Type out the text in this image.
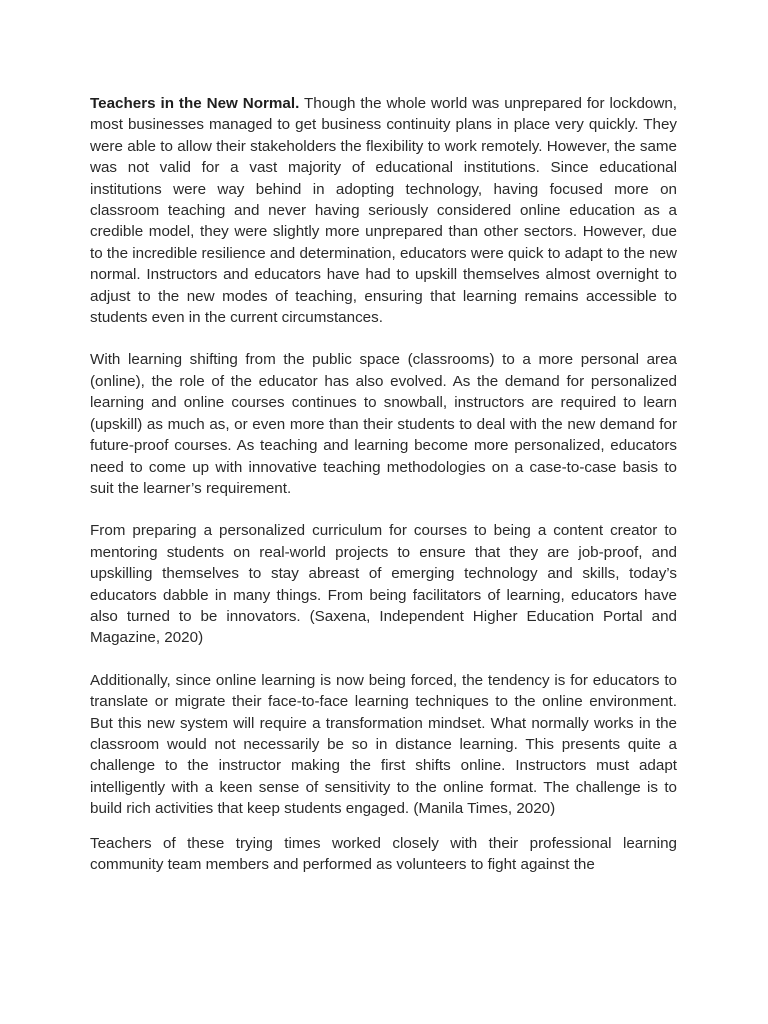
Teachers in the New Normal. Though the whole world was unprepared for lockdown, most businesses managed to get business continuity plans in place very quickly. They were able to allow their stakeholders the flexibility to work remotely. However, the same was not valid for a vast majority of educational institutions. Since educational institutions were way behind in adopting technology, having focused more on classroom teaching and never having seriously considered online education as a credible model, they were slightly more unprepared than other sectors. However, due to the incredible resilience and determination, educators were quick to adapt to the new normal. Instructors and educators have had to upskill themselves almost overnight to adjust to the new modes of teaching, ensuring that learning remains accessible to students even in the current circumstances.

With learning shifting from the public space (classrooms) to a more personal area (online), the role of the educator has also evolved. As the demand for personalized learning and online courses continues to snowball, instructors are required to learn (upskill) as much as, or even more than their students to deal with the new demand for future-proof courses. As teaching and learning become more personalized, educators need to come up with innovative teaching methodologies on a case-to-case basis to suit the learner’s requirement.

From preparing a personalized curriculum for courses to being a content creator to mentoring students on real-world projects to ensure that they are job-proof, and upskilling themselves to stay abreast of emerging technology and skills, today’s educators dabble in many things. From being facilitators of learning, educators have also turned to be innovators. (Saxena, Independent Higher Education Portal and Magazine, 2020)

Additionally, since online learning is now being forced, the tendency is for educators to translate or migrate their face-to-face learning techniques to the online environment. But this new system will require a transformation mindset. What normally works in the classroom would not necessarily be so in distance learning. This presents quite a challenge to the instructor making the first shifts online. Instructors must adapt intelligently with a keen sense of sensitivity to the online format. The challenge is to build rich activities that keep students engaged. (Manila Times, 2020)

Teachers of these trying times worked closely with their professional learning community team members and performed as volunteers to fight against the
